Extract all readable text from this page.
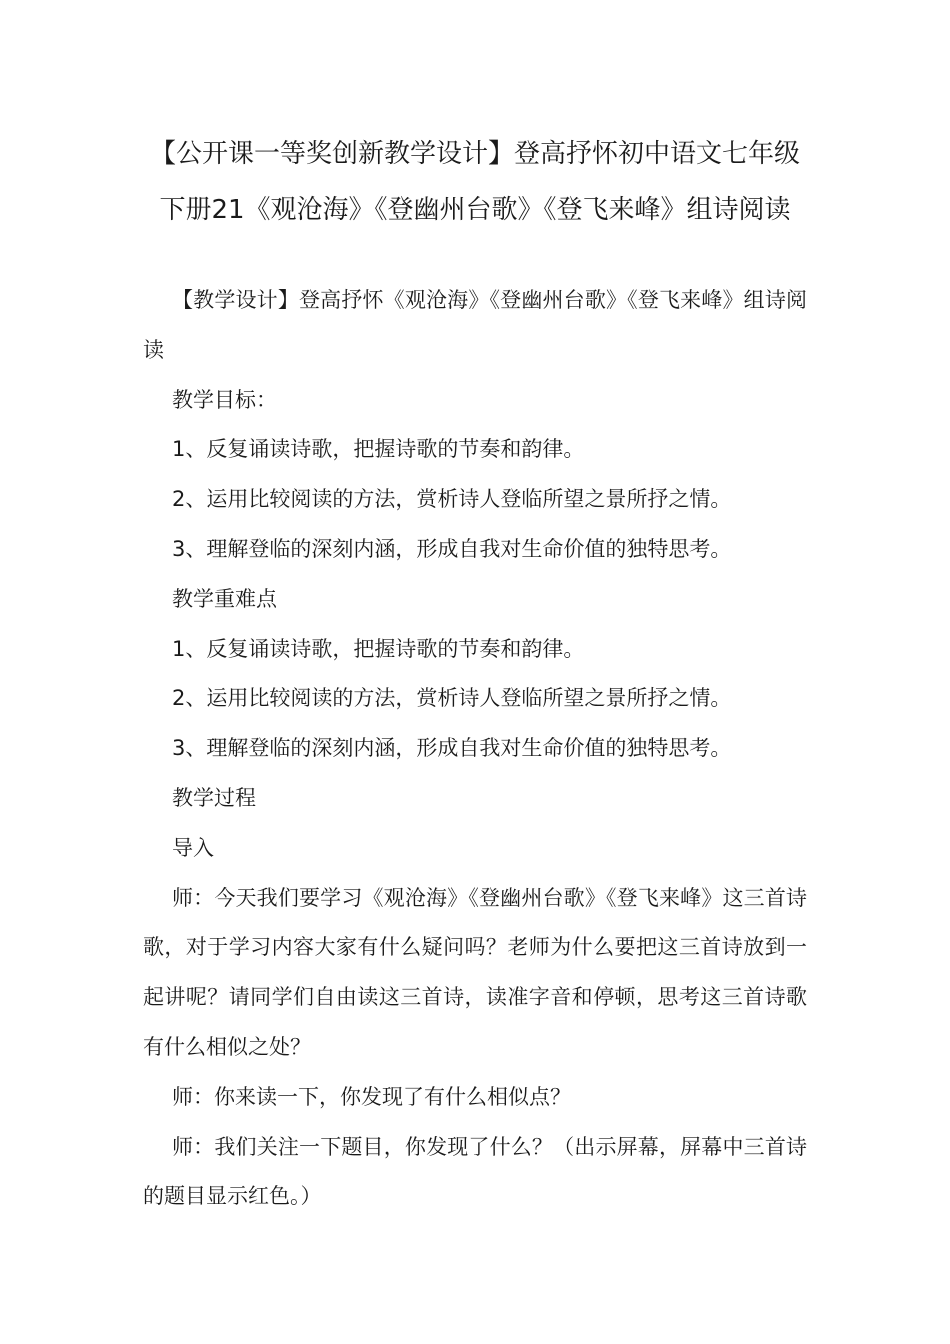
【公开课一等奖创新教学设计】登高抒怀初中语文七年级下册21《观沧海》《登幽州台歌》《登飞来峰》组诗阅读

【教学设计】登高抒怀《观沧海》《登幽州台歌》《登飞来峰》组诗阅读

教学目标：

1、反复诵读诗歌，把握诗歌的节奏和韵律。

2、运用比较阅读的方法，赏析诗人登临所望之景所抒之情。

3、理解登临的深刻内涵，形成自我对生命价值的独特思考。

教学重难点

1、反复诵读诗歌，把握诗歌的节奏和韵律。

2、运用比较阅读的方法，赏析诗人登临所望之景所抒之情。

3、理解登临的深刻内涵，形成自我对生命价值的独特思考。

教学过程

导入

师：今天我们要学习《观沧海》《登幽州台歌》《登飞来峰》这三首诗歌，对于学习内容大家有什么疑问吗？老师为什么要把这三首诗放到一起讲呢？请同学们自由读这三首诗，读准字音和停顿，思考这三首诗歌有什么相似之处？

师：你来读一下，你发现了有什么相似点？

师：我们关注一下题目，你发现了什么？（出示屏幕，屏幕中三首诗的题目显示红色。）
